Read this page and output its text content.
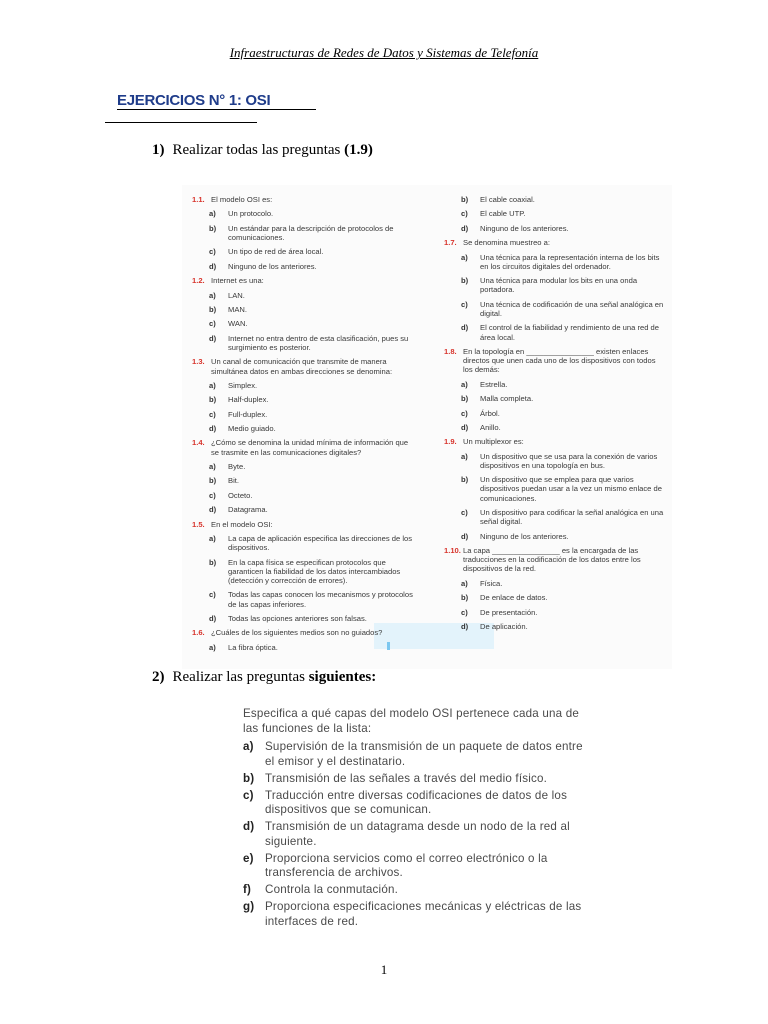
Infraestructuras de Redes de Datos y Sistemas de Telefonía
EJERCICIOS N° 1: OSI
1) Realizar todas las preguntas (1.9)
1.1. El modelo OSI es:
a) Un protocolo.
b) Un estándar para la descripción de protocolos de comunicaciones.
c) Un tipo de red de área local.
d) Ninguno de los anteriores.
1.2. Internet es una:
a) LAN.
b) MAN.
c) WAN.
d) Internet no entra dentro de esta clasificación, pues su surgimiento es posterior.
1.3. Un canal de comunicación que transmite de manera simultánea datos en ambas direcciones se denomina:
a) Simplex.
b) Half-duplex.
c) Full-duplex.
d) Medio guiado.
1.4. ¿Cómo se denomina la unidad mínima de información que se trasmite en las comunicaciones digitales?
a) Byte.
b) Bit.
c) Octeto.
d) Datagrama.
1.5. En el modelo OSI:
a) La capa de aplicación especifica las direcciones de los dispositivos.
b) En la capa física se especifican protocolos que garanticen la fiabilidad de los datos intercambiados (detección y corrección de errores).
c) Todas las capas conocen los mecanismos y protocolos de las capas inferiores.
d) Todas las opciones anteriores son falsas.
1.6. ¿Cuáles de los siguientes medios son no guiados?
a) La fibra óptica.
b) El cable coaxial.
c) El cable UTP.
d) Ninguno de los anteriores.
1.7. Se denomina muestreo a:
a) Una técnica para la representación interna de los bits en los circuitos digitales del ordenador.
b) Una técnica para modular los bits en una onda portadora.
c) Una técnica de codificación de una señal analógica en digital.
d) El control de la fiabilidad y rendimiento de una red de área local.
1.8. En la topología en ________________ existen enlaces directos que unen cada uno de los dispositivos con todos los demás:
a) Estrella.
b) Malla completa.
c) Árbol.
d) Anillo.
1.9. Un multiplexor es:
a) Un dispositivo que se usa para la conexión de varios dispositivos en una topología en bus.
b) Un dispositivo que se emplea para que varios dispositivos puedan usar a la vez un mismo enlace de comunicaciones.
c) Un dispositivo para codificar la señal analógica en una señal digital.
d) Ninguno de los anteriores.
1.10. La capa ________________ es la encargada de las traducciones en la codificación de los datos entre los dispositivos de la red.
a) Física.
b) De enlace de datos.
c) De presentación.
d) De aplicación.
2) Realizar las preguntas siguientes:
Especifica a qué capas del modelo OSI pertenece cada una de las funciones de la lista:
a) Supervisión de la transmisión de un paquete de datos entre el emisor y el destinatario.
b) Transmisión de las señales a través del medio físico.
c) Traducción entre diversas codificaciones de datos de los dispositivos que se comunican.
d) Transmisión de un datagrama desde un nodo de la red al siguiente.
e) Proporciona servicios como el correo electrónico o la transferencia de archivos.
f) Controla la conmutación.
g) Proporciona especificaciones mecánicas y eléctricas de las interfaces de red.
1
